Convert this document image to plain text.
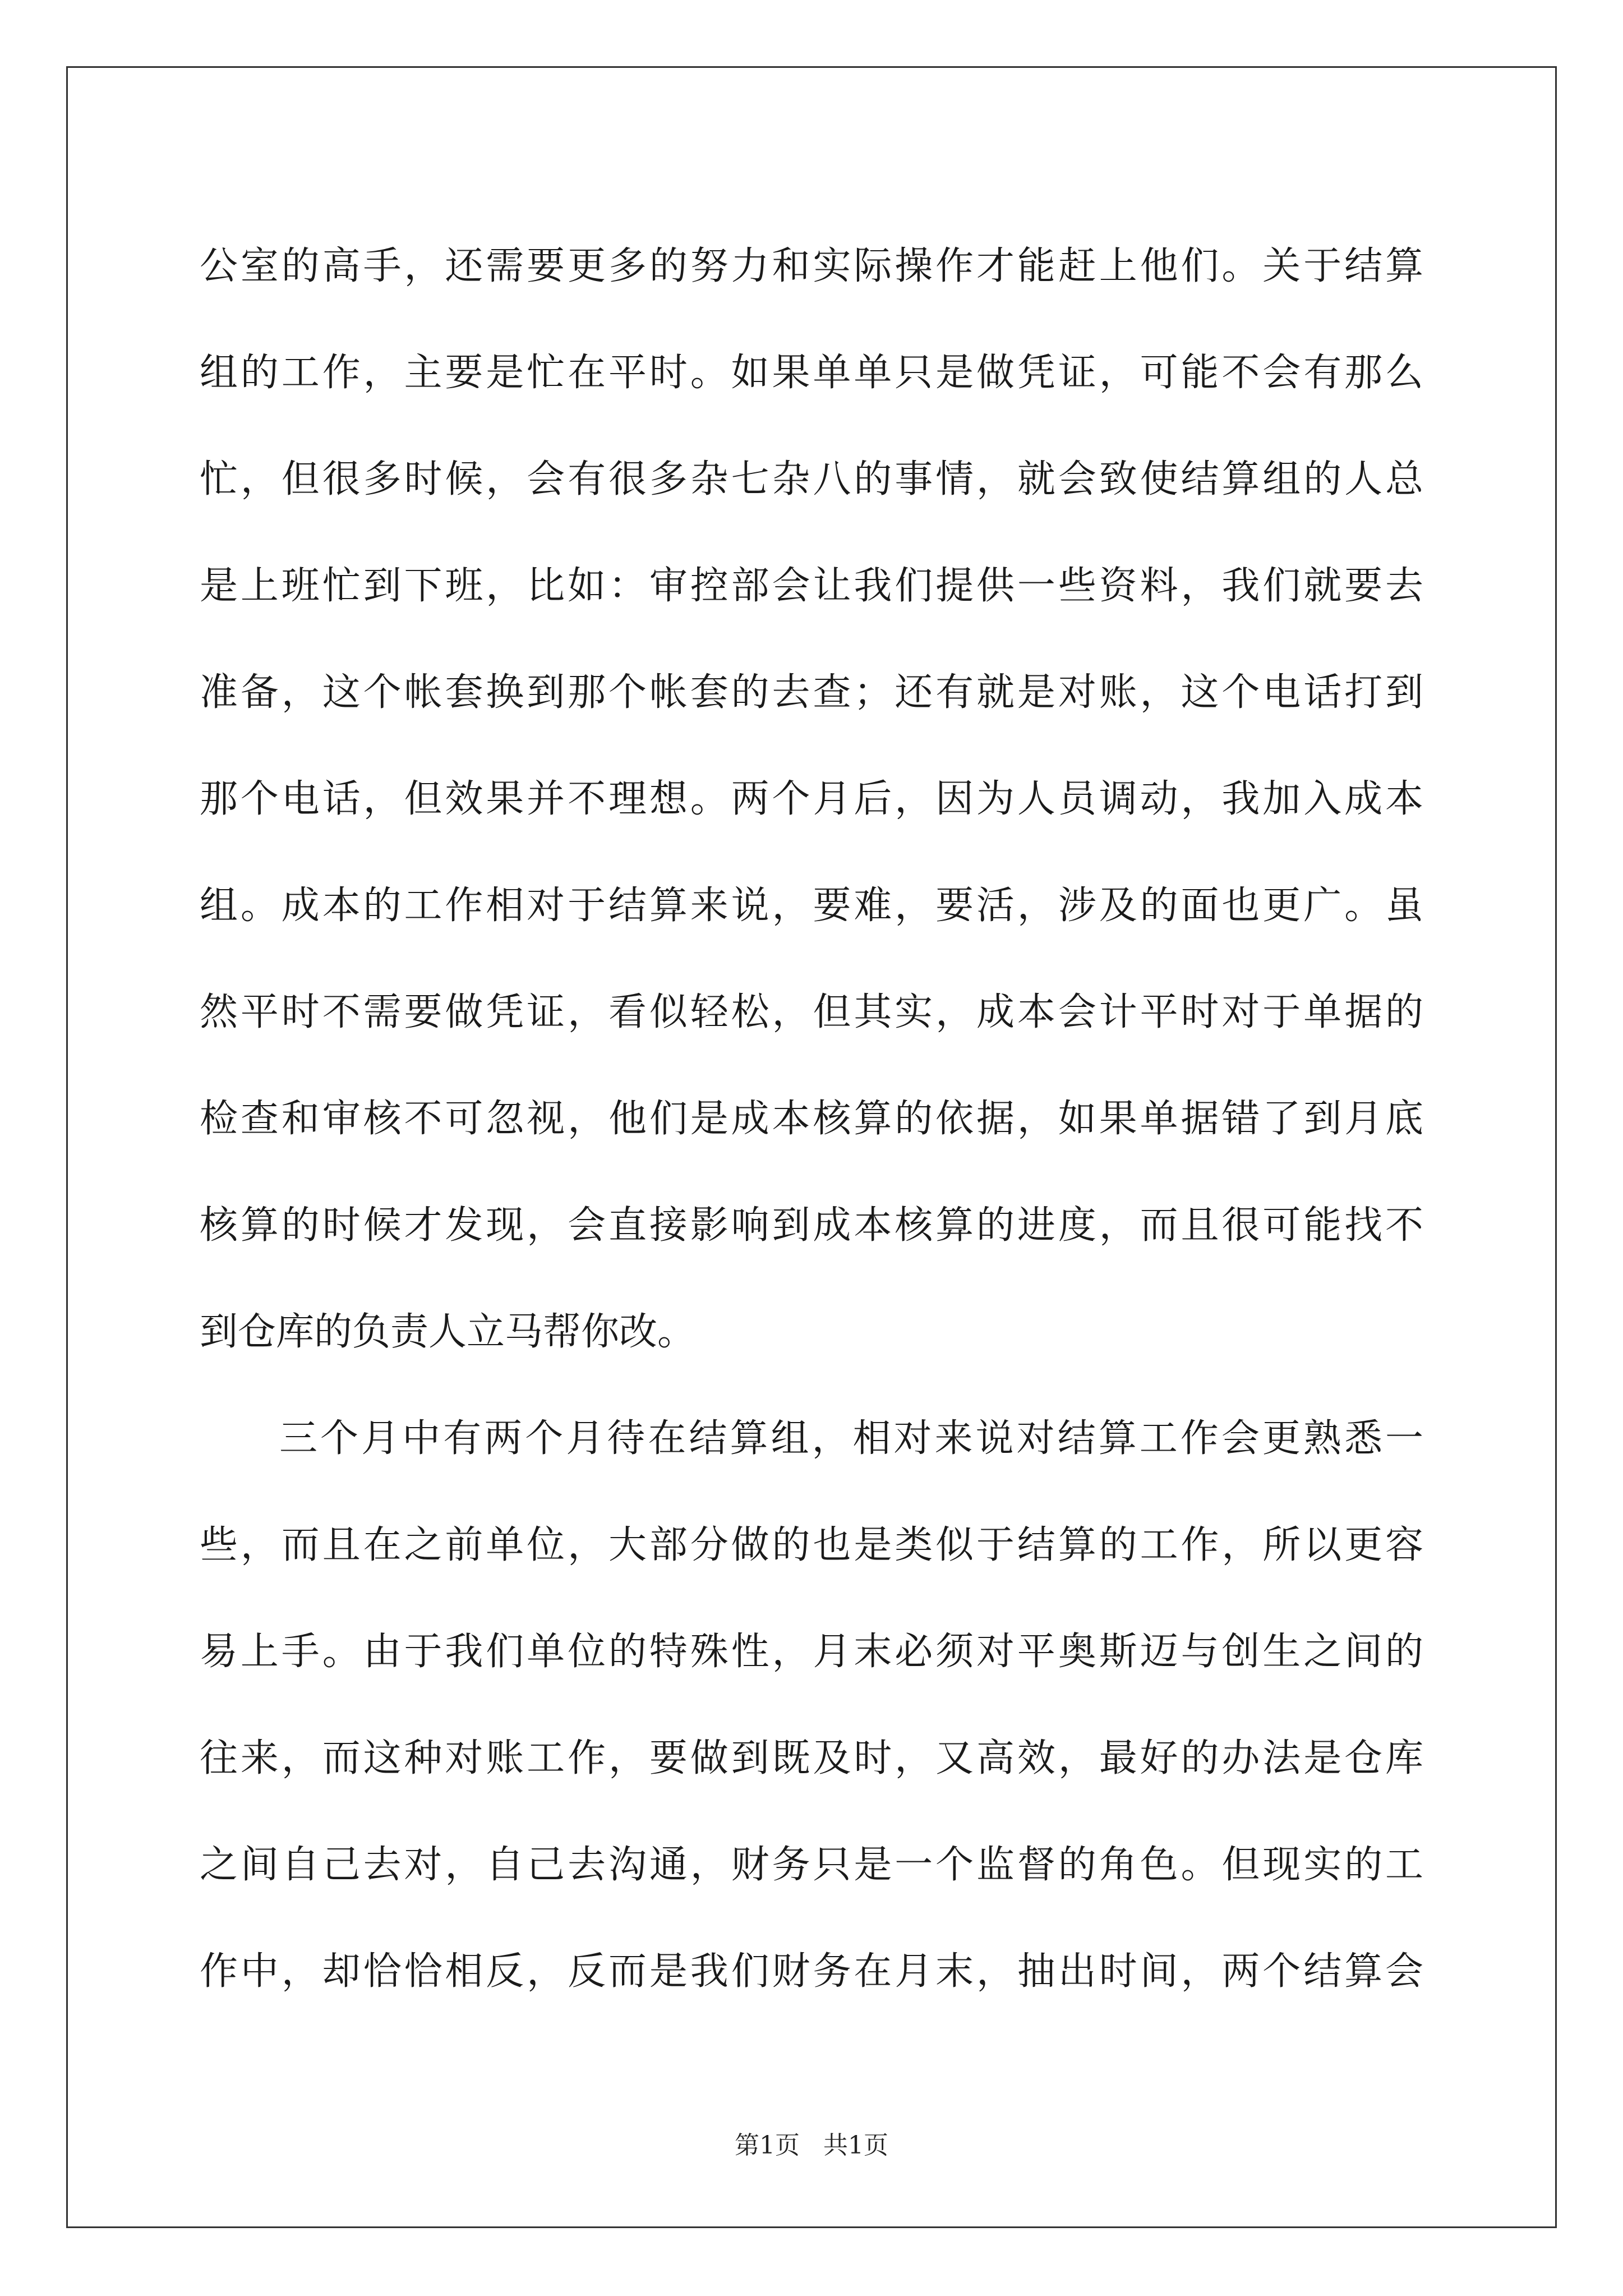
公室的高手，还需要更多的努力和实际操作才能赶上他们。关于结算
组的工作，主要是忙在平时。如果单单只是做凭证，可能不会有那么
忙，但很多时候，会有很多杂七杂八的事情，就会致使结算组的人总
是上班忙到下班，比如：审控部会让我们提供一些资料，我们就要去
准备，这个帐套换到那个帐套的去查；还有就是对账，这个电话打到
那个电话，但效果并不理想。两个月后，因为人员调动，我加入成本
组。成本的工作相对于结算来说，要难，要活，涉及的面也更广。虽
然平时不需要做凭证，看似轻松，但其实，成本会计平时对于单据的
检查和审核不可忽视，他们是成本核算的依据，如果单据错了到月底
核算的时候才发现，会直接影响到成本核算的进度，而且很可能找不
到仓库的负责人立马帮你改。
三个月中有两个月待在结算组，相对来说对结算工作会更熟悉一
些，而且在之前单位，大部分做的也是类似于结算的工作，所以更容
易上手。由于我们单位的特殊性，月末必须对平奥斯迈与创生之间的
往来，而这种对账工作，要做到既及时，又高效，最好的办法是仓库
之间自己去对，自己去沟通，财务只是一个监督的角色。但现实的工
作中，却恰恰相反，反而是我们财务在月末，抽出时间，两个结算会
第1页 共1页
